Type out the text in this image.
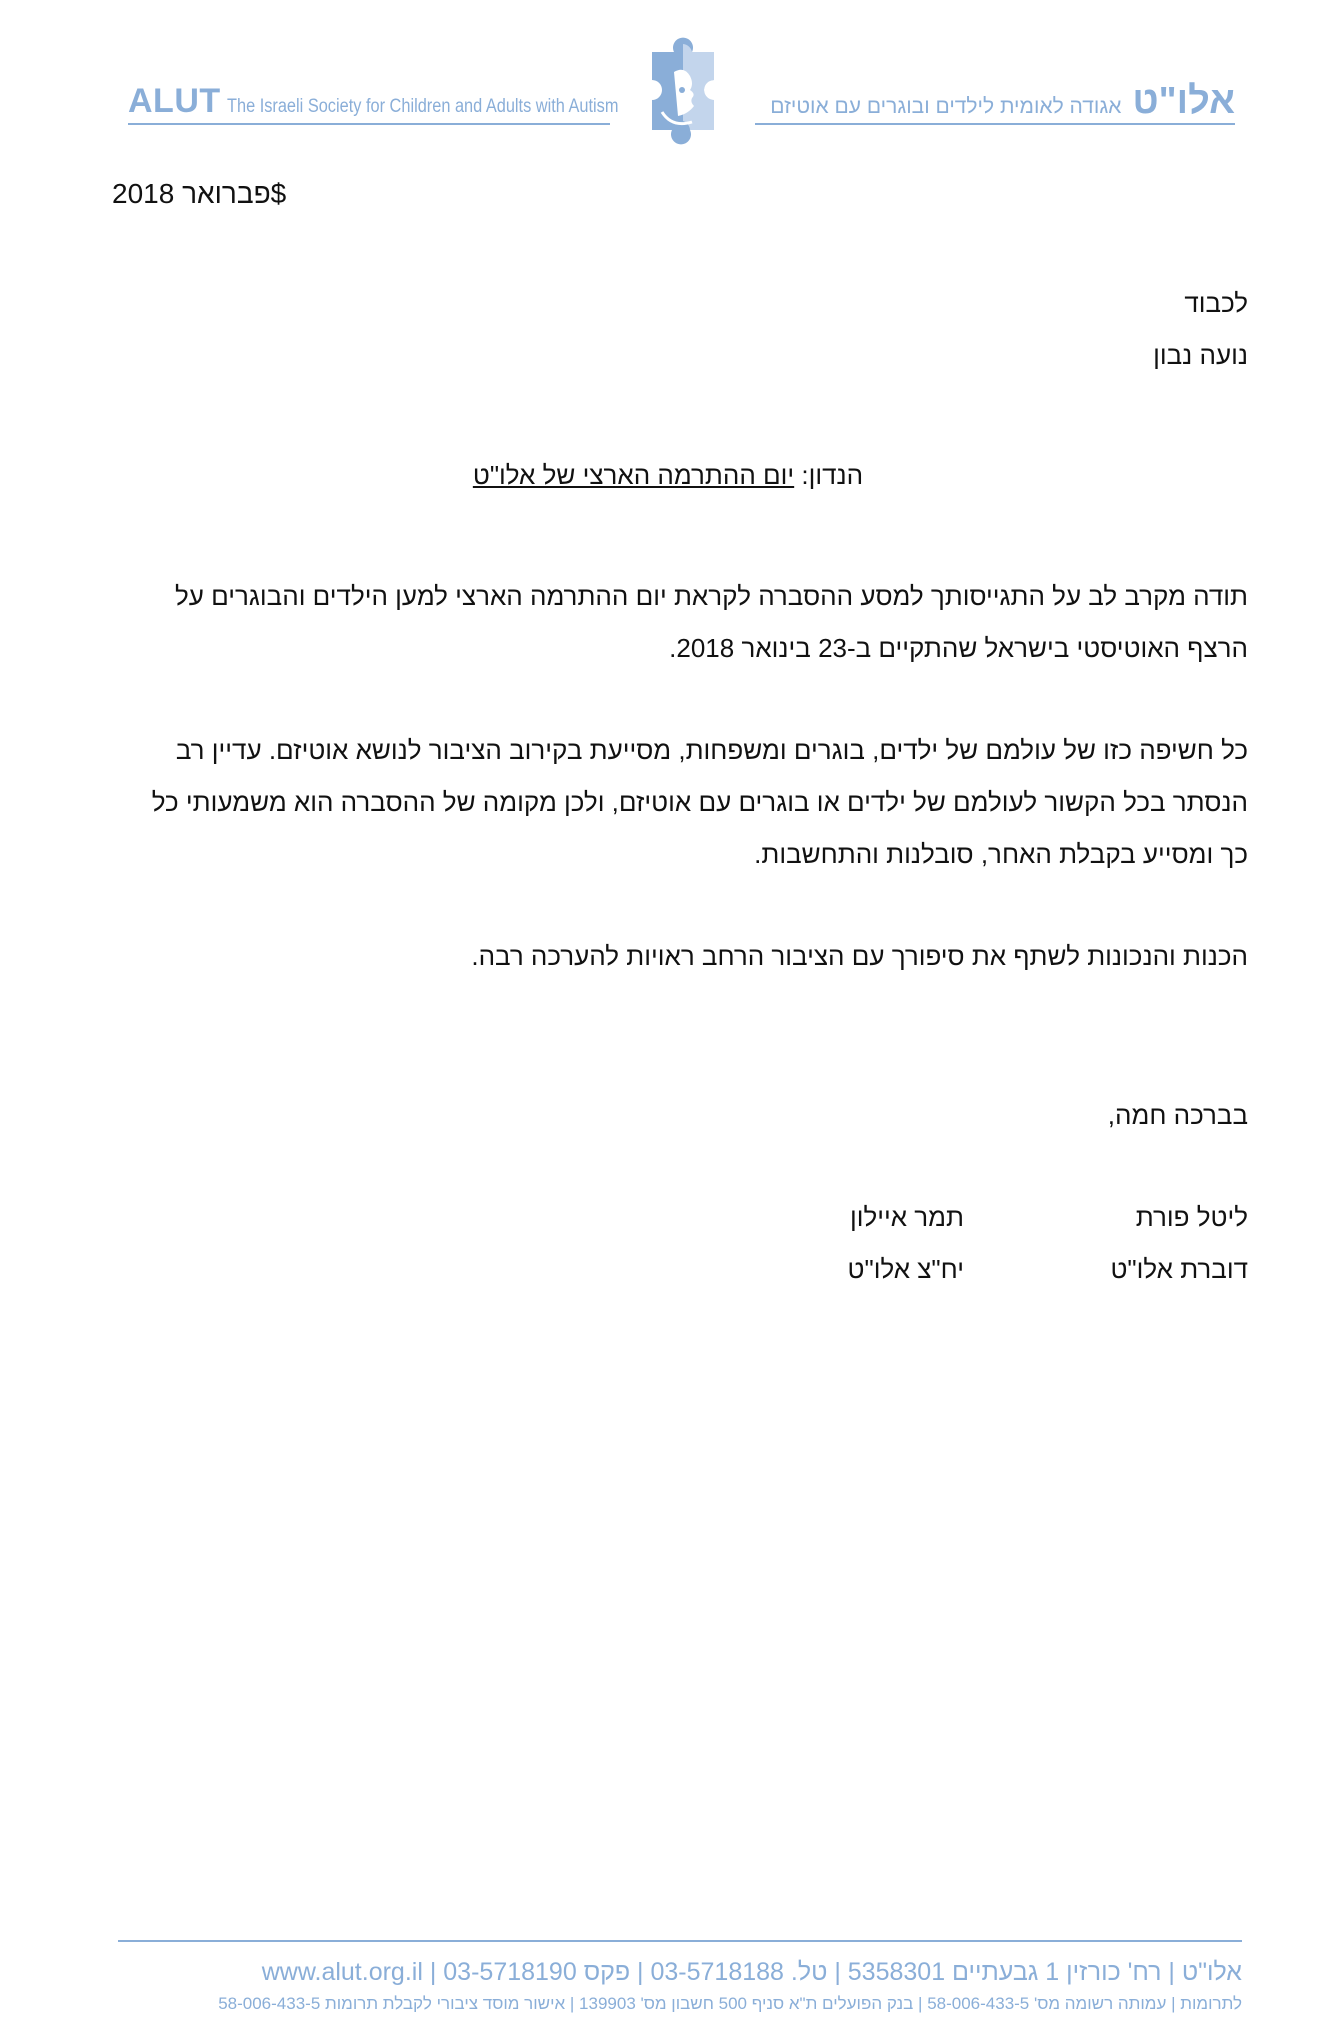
ALUT The Israeli Society for Children and Adults with Autism	אלו"ט אגודה לאומית לילדים ובוגרים עם אוטיזם
$פברואר 2018
לכבוד
נועה נבון
הנדון: יום ההתרמה הארצי של אלו"ט

תודה מקרב לב על התגייסותך למסע ההסברה לקראת יום ההתרמה הארצי למען הילדים והבוגרים על הרצף האוטיסטי בישראל שהתקיים ב-23 בינואר 2018.

כל חשיפה כזו של עולמם של ילדים, בוגרים ומשפחות, מסייעת בקירוב הציבור לנושא אוטיזם. עדיין רב הנסתר בכל הקשור לעולמם של ילדים או בוגרים עם אוטיזם, ולכן מקומה של ההסברה הוא משמעותי כל כך ומסייע בקבלת האחר, סובלנות והתחשבות.

הכנות והנכונות לשתף את סיפורך עם הציבור הרחב ראויות להערכה רבה.

בברכה חמה,
ליטל פורת
דוברת אלו"ט
תמר איילון
יח"צ אלו"ט
אלו"ט | רח' כורזין 1 גבעתיים 5358301 | טל. 03-5718188 | פקס 03-5718190 | www.alut.org.il
לתרומות | עמותה רשומה מס' 58-006-433-5 | בנק הפועלים ת"א סניף 500 חשבון מס' 139903 | אישור מוסד ציבורי לקבלת תרומות 58-006-433-5
